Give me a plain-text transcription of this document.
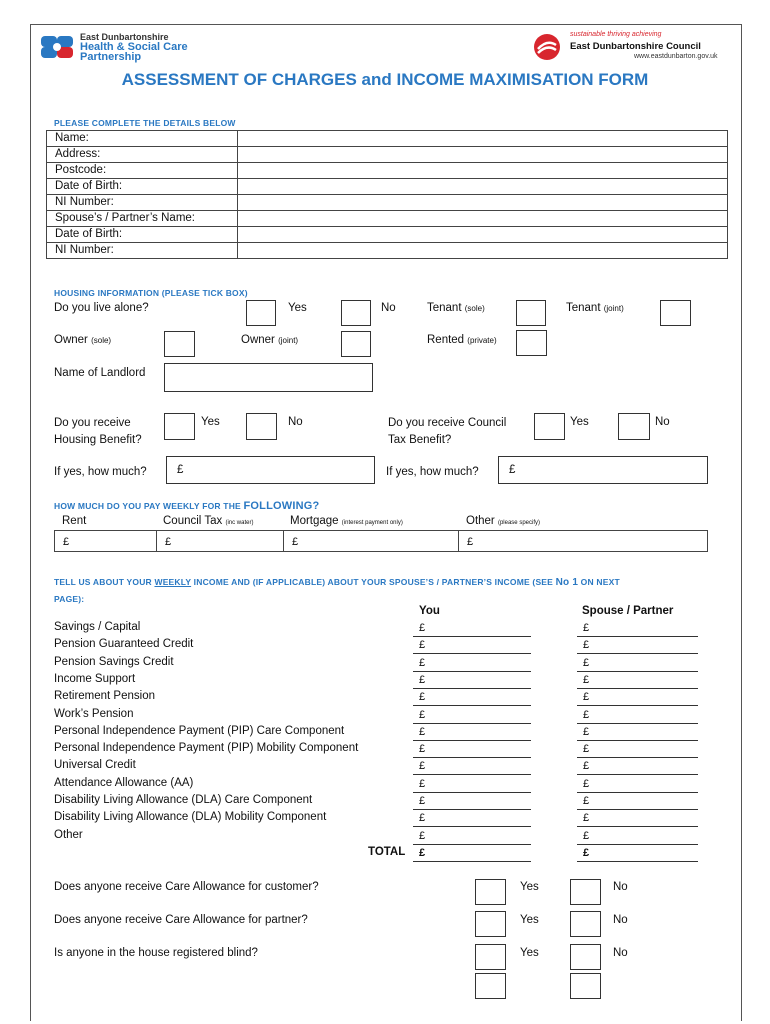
East Dunbartonshire
Health & Social Care
Partnership
sustainable thriving achieving
East Dunbartonshire Council
www.eastdunbarton.gov.uk
ASSESSMENT OF CHARGES and INCOME MAXIMISATION FORM
PLEASE COMPLETE THE DETAILS BELOW
Name:	
Address:	
Postcode:	
Date of Birth:	
NI Number:	
Spouse’s / Partner’s Name:	
Date of Birth:	
NI Number:	
HOUSING INFORMATION (PLEASE TICK BOX)
Do you live alone?	Yes	No	Tenant (sole)	Tenant (joint)
Owner (sole)	Owner (joint)	Rented (private)
Name of Landlord
Do you receive
Housing Benefit?
Yes	No	Do you receive Council
Tax Benefit?
Yes	No
If yes, how much?	£	If yes, how much?	£
HOW MUCH DO YOU PAY WEEKLY FOR THE FOLLOWING?
Rent	Council Tax (inc water)	Mortgage (interest payment only)	Other (please specify)
£	£	£	£
TELL US ABOUT YOUR WEEKLY INCOME AND (IF APPLICABLE) ABOUT YOUR SPOUSE’S / PARTNER’S INCOME (SEE No 1 ON NEXT
PAGE):
You	Spouse / Partner
Savings / Capital	£	£
Pension Guaranteed Credit	£	£
Pension Savings Credit	£	£
Income Support	£	£
Retirement Pension	£	£
Work’s Pension	£	£
Personal Independence Payment (PIP) Care Component	£	£
Personal Independence Payment (PIP) Mobility Component	£	£
Universal Credit	£	£
Attendance Allowance (AA)	£	£
Disability Living Allowance (DLA) Care Component	£	£
Disability Living Allowance (DLA) Mobility Component	£	£
Other	£	£
TOTAL	£	£
Does anyone receive Care Allowance for customer?	Yes	No
Does anyone receive Care Allowance for partner?	Yes	No
Is anyone in the house registered blind?	Yes	No
